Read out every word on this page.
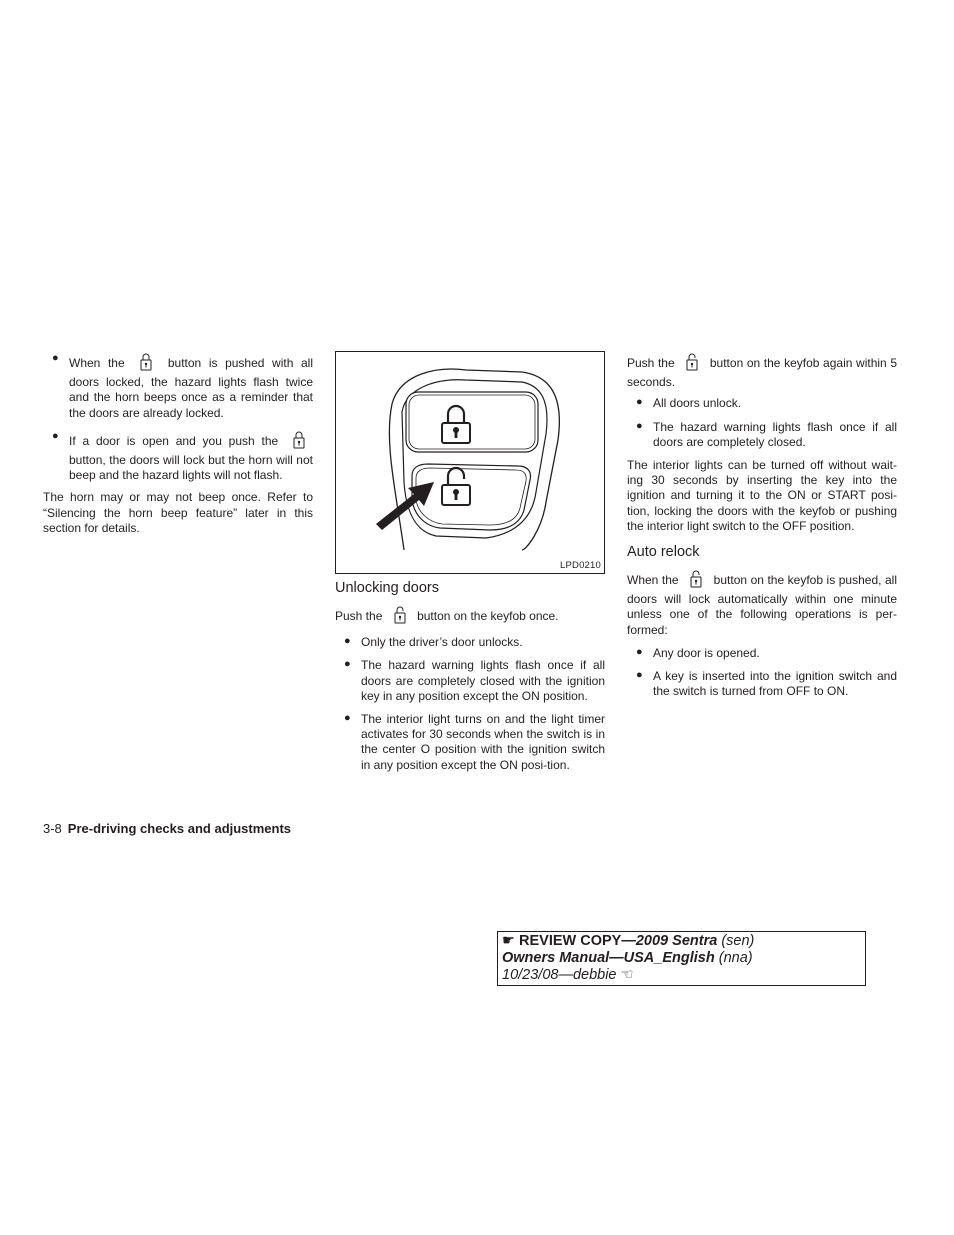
● When the	button is pushed with all doors locked, the hazard lights flash twice and the horn beeps once as a reminder that the doors are already locked.
● If a door is open and you push the  button, the doors will lock but the horn will not beep and the hazard lights will not flash.

The horn may or may not beep once. Refer to “Silencing the horn beep feature” later in this section for details.

LPD0210
Unlocking doors

Push the	button on the keyfob once.

● Only the driver’s door unlocks.
● The hazard warning lights flash once if all doors are completely closed with the ignition key in any position except the ON position.
● The interior light turns on and the light timer activates for 30 seconds when the switch is in the center O position with the ignition switch in any position except the ON posi-tion.

Push the	button on the keyfob again within 5 seconds.

● All doors unlock.
● The hazard warning lights flash once if all doors are completely closed.

The interior lights can be turned off without wait-ing 30 seconds by inserting the key into the ignition and turning it to the ON or START posi-tion, locking the doors with the keyfob or pushing the interior light switch to the OFF position.

Auto relock

When the	button on the keyfob is pushed, all doors will lock automatically within one minute unless one of the following operations is per-formed:

● Any door is opened.
● A key is inserted into the ignition switch and the switch is turned from OFF to ON.
3-8 Pre-driving checks and adjustments
☛ REVIEW COPY—2009 Sentra (sen)
Owners Manual—USA_English (nna)
10/23/08—debbie ☜
